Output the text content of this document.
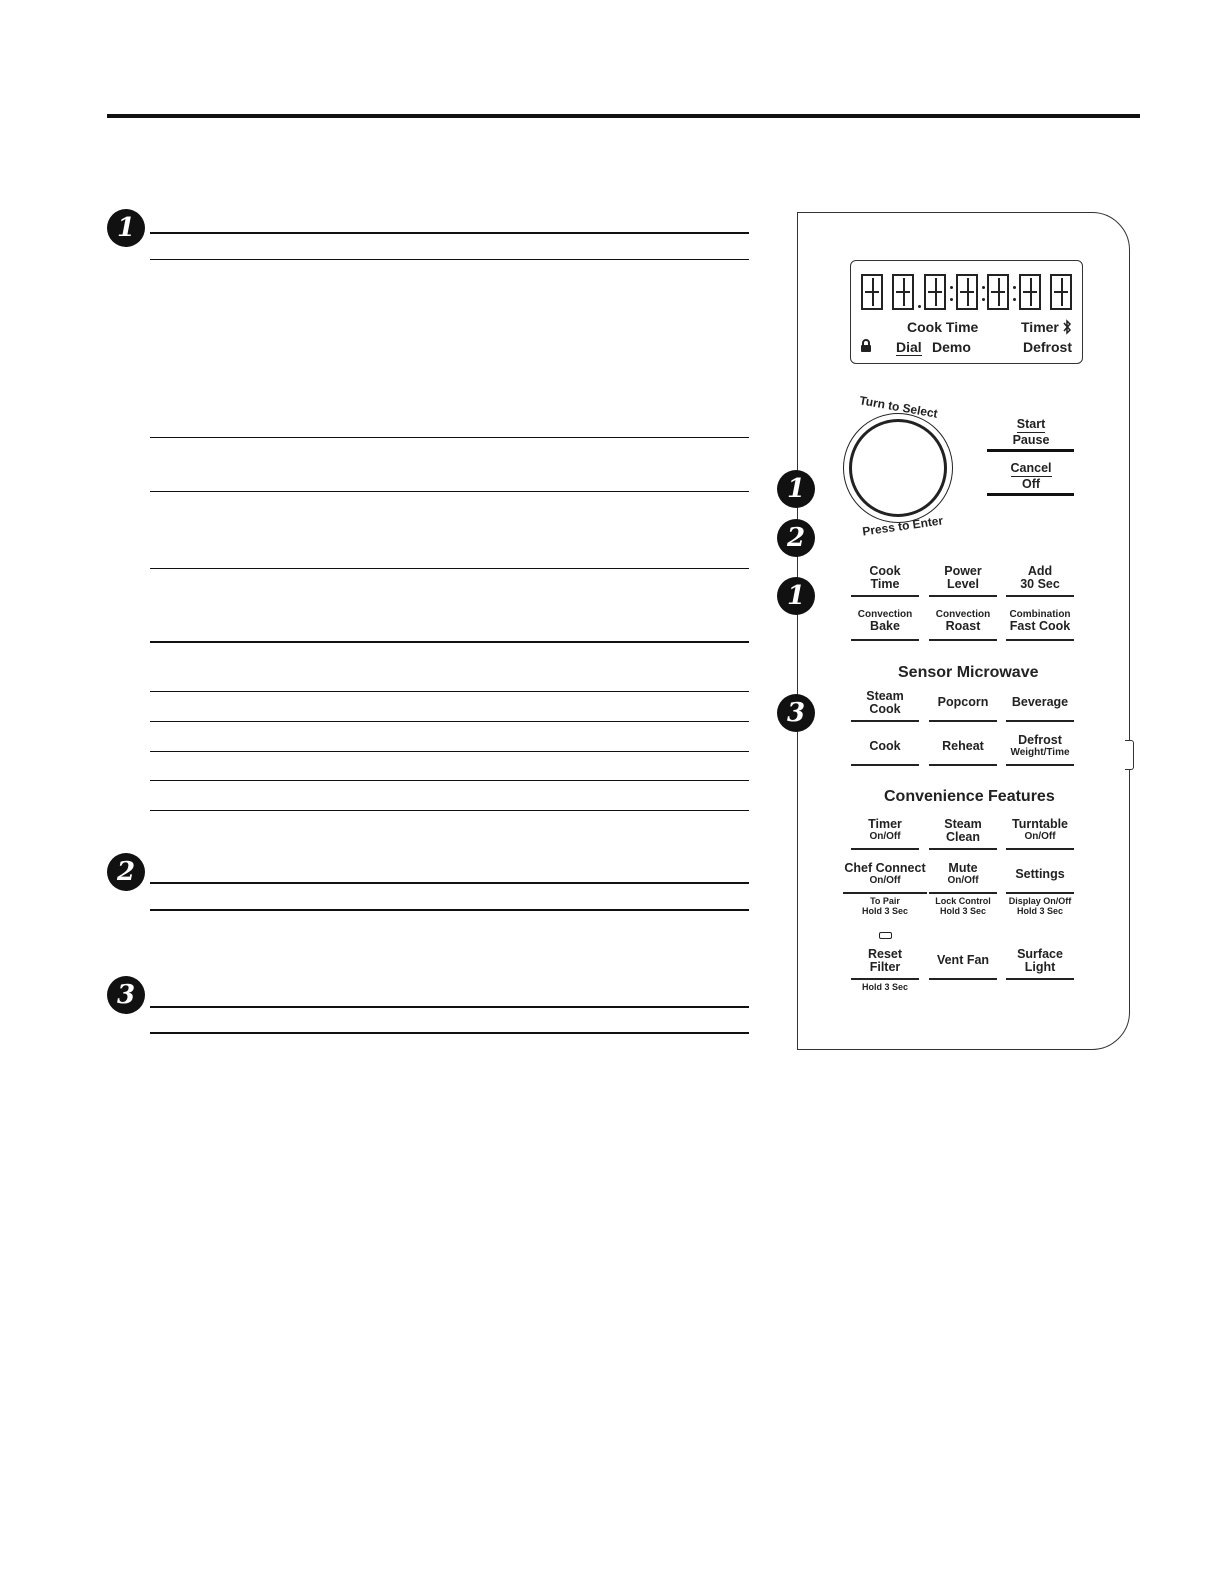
1
2
3
Cook Time	Timer
Dial Demo	Defrost
Turn to Select
Press to Enter
Start
Pause
Cancel
Off
1
2
1
3
Cook
Time
Power
Level
Add
30 Sec
Convection
Bake
Convection
Roast
Combination
Fast Cook
Sensor Microwave
Steam
Cook	Popcorn	Beverage
Cook	Reheat	Defrost
Weight/Time
Convenience Features
Timer
On/Off
Steam
Clean
Turntable
On/Off
Chef Connect
On/Off
Mute
On/Off	Settings
To Pair
Hold 3 Sec
Lock Control
Hold 3 Sec
Display On/Off
Hold 3 Sec
Reset
Filter	Vent Fan	Surface
Light
Hold 3 Sec
